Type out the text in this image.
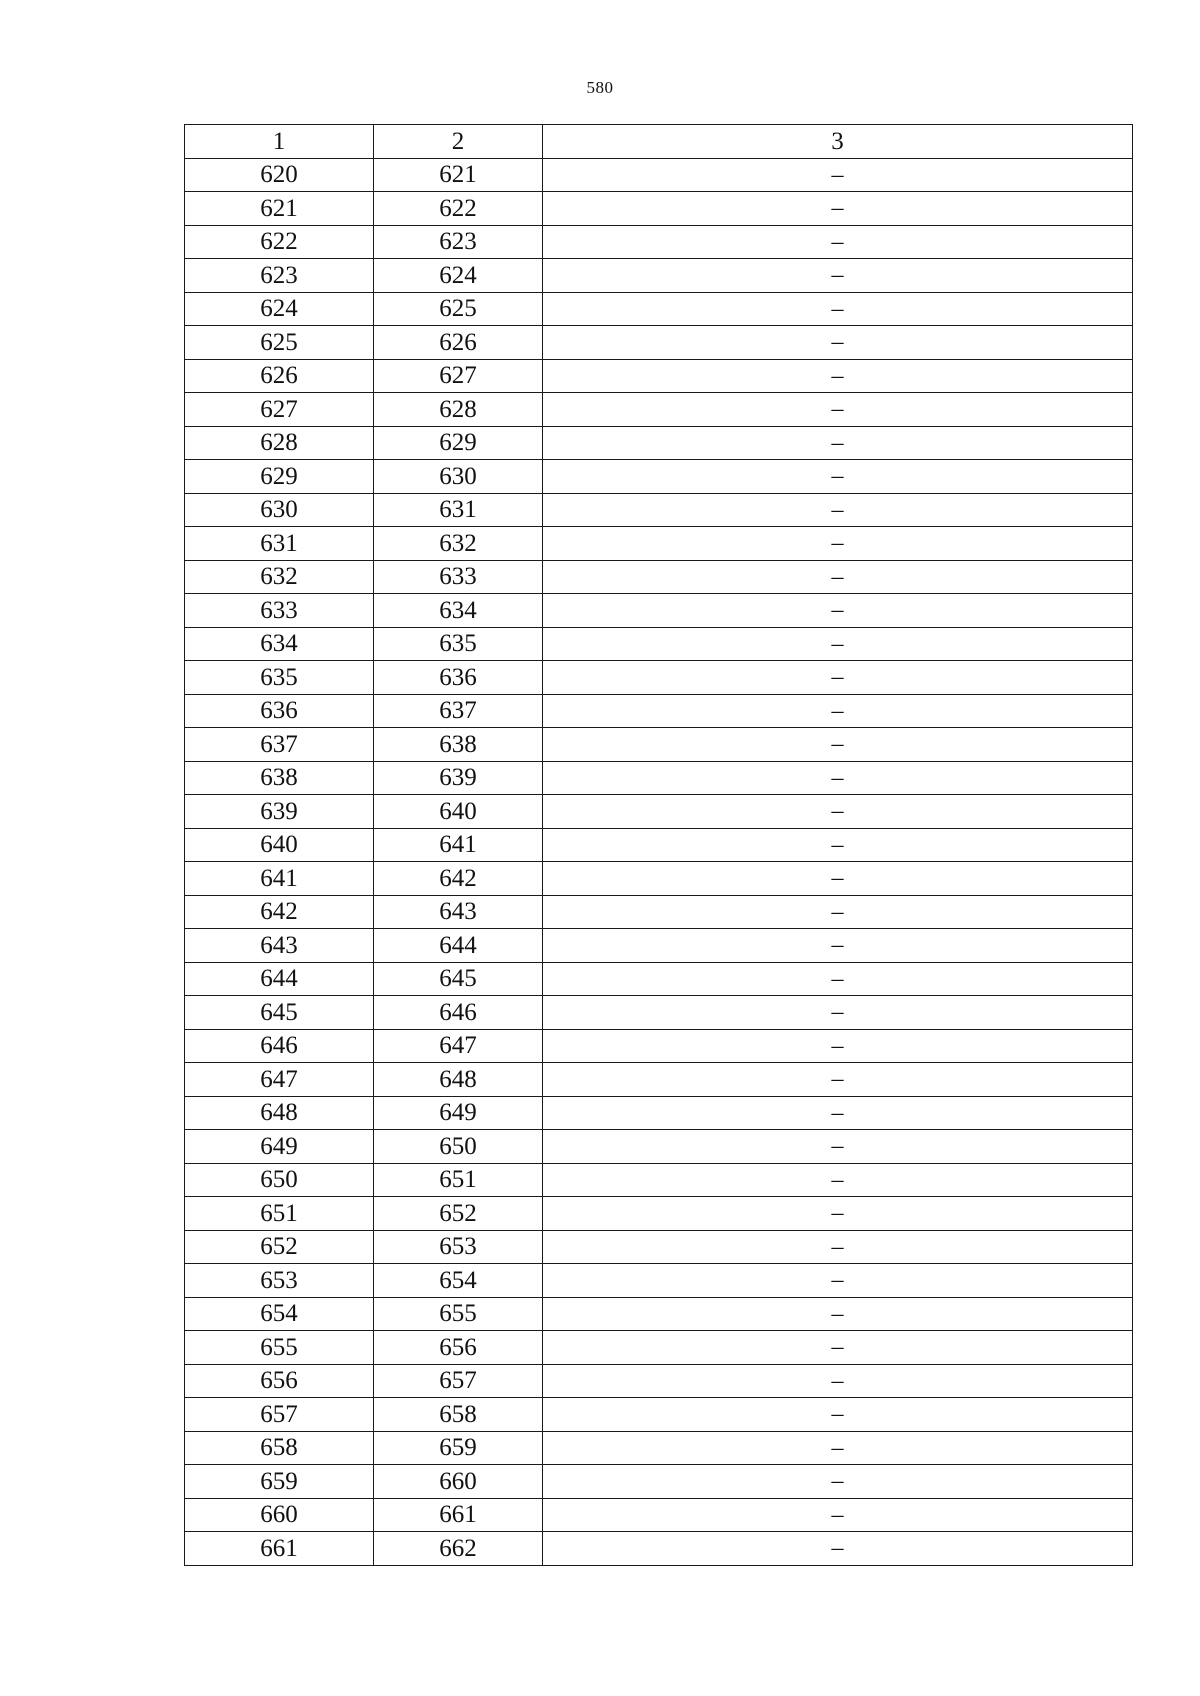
580
1	2	3
620	621	–
621	622	–
622	623	–
623	624	–
624	625	–
625	626	–
626	627	–
627	628	–
628	629	–
629	630	–
630	631	–
631	632	–
632	633	–
633	634	–
634	635	–
635	636	–
636	637	–
637	638	–
638	639	–
639	640	–
640	641	–
641	642	–
642	643	–
643	644	–
644	645	–
645	646	–
646	647	–
647	648	–
648	649	–
649	650	–
650	651	–
651	652	–
652	653	–
653	654	–
654	655	–
655	656	–
656	657	–
657	658	–
658	659	–
659	660	–
660	661	–
661	662	–
